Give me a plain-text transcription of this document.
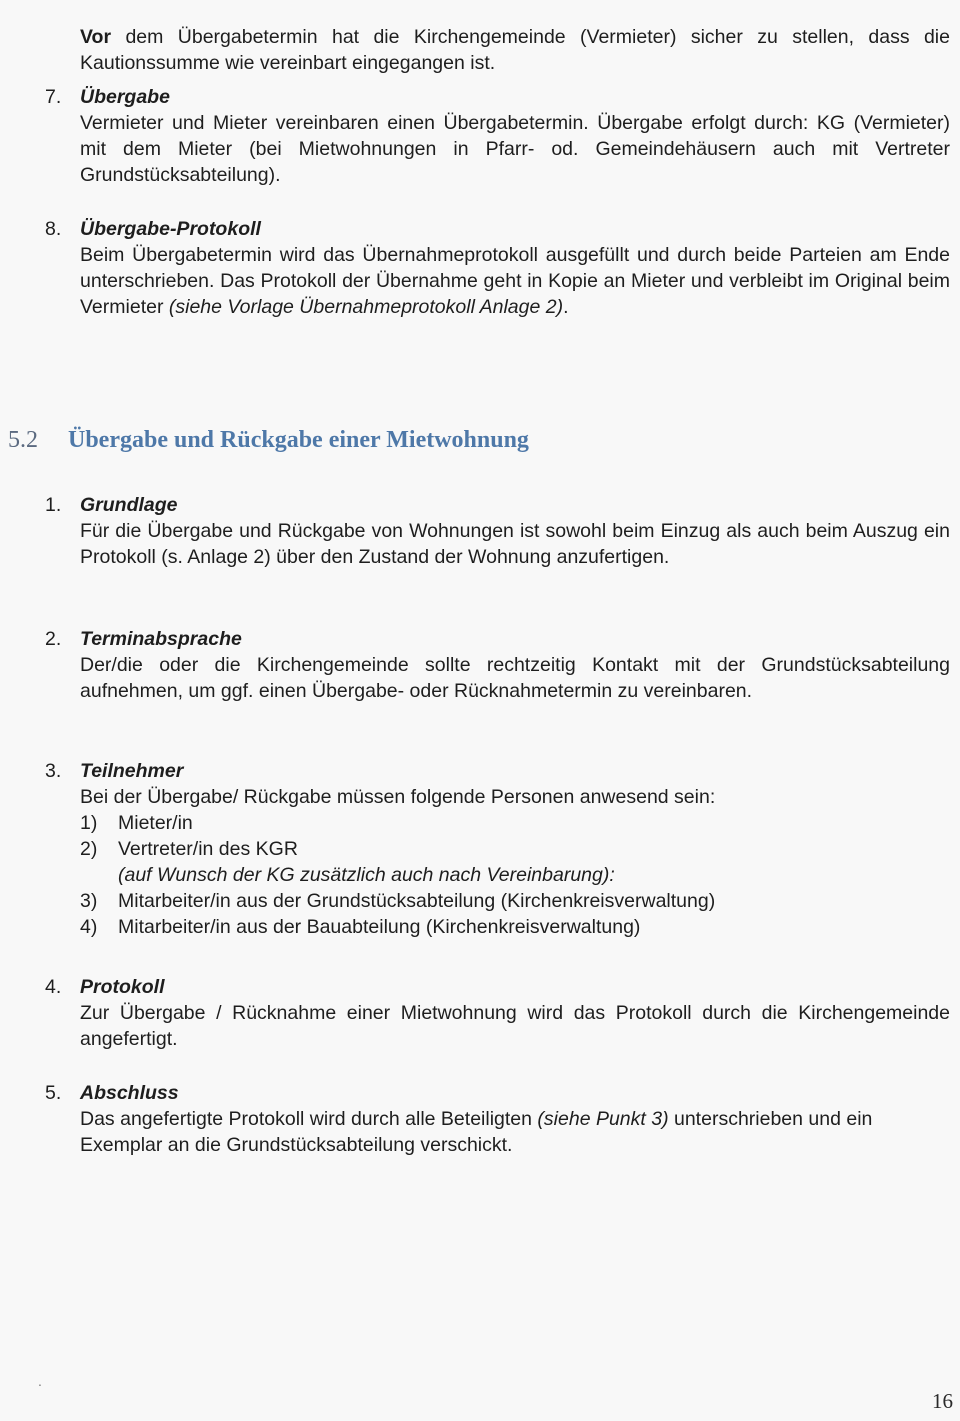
Vor dem Übergabetermin hat die Kirchengemeinde (Vermieter) sicher zu stellen, dass die Kautionssumme wie vereinbart eingegangen ist.

7. Übergabe

Vermieter und Mieter vereinbaren einen Übergabetermin. Übergabe erfolgt durch: KG (Vermieter) mit dem Mieter (bei Mietwohnungen in Pfarr- od. Gemeindehäusern auch mit Vertreter Grundstücksabteilung).

8. Übergabe-Protokoll

Beim Übergabetermin wird das Übernahmeprotokoll ausgefüllt und durch beide Parteien am Ende unterschrieben. Das Protokoll der Übernahme geht in Kopie an Mieter und verbleibt im Original beim Vermieter (siehe Vorlage Übernahmeprotokoll Anlage 2).

5.2	Übergabe und Rückgabe einer Mietwohnung
1. Grundlage

Für die Übergabe und Rückgabe von Wohnungen ist sowohl beim Einzug als auch beim Auszug ein Protokoll (s. Anlage 2) über den Zustand der Wohnung anzufertigen.

2. Terminabsprache

Der/die oder die Kirchengemeinde sollte rechtzeitig Kontakt mit der Grundstücksabteilung aufnehmen, um ggf. einen Übergabe- oder Rücknahmetermin zu vereinbaren.

3. Teilnehmer

Bei der Übergabe/ Rückgabe müssen folgende Personen anwesend sein:

1)	Mieter/in
2)	Vertreter/in des KGR
(auf Wunsch der KG zusätzlich auch nach Vereinbarung):
3)	Mitarbeiter/in aus der Grundstücksabteilung (Kirchenkreisverwaltung)
4)	Mitarbeiter/in aus der Bauabteilung (Kirchenkreisverwaltung)
4. Protokoll

Zur Übergabe / Rücknahme einer Mietwohnung wird das Protokoll durch die Kirchengemeinde angefertigt.

5. Abschluss

Das angefertigte Protokoll wird durch alle Beteiligten (siehe Punkt 3) unterschrieben und ein Exemplar an die Grundstücksabteilung verschickt.

.
16
